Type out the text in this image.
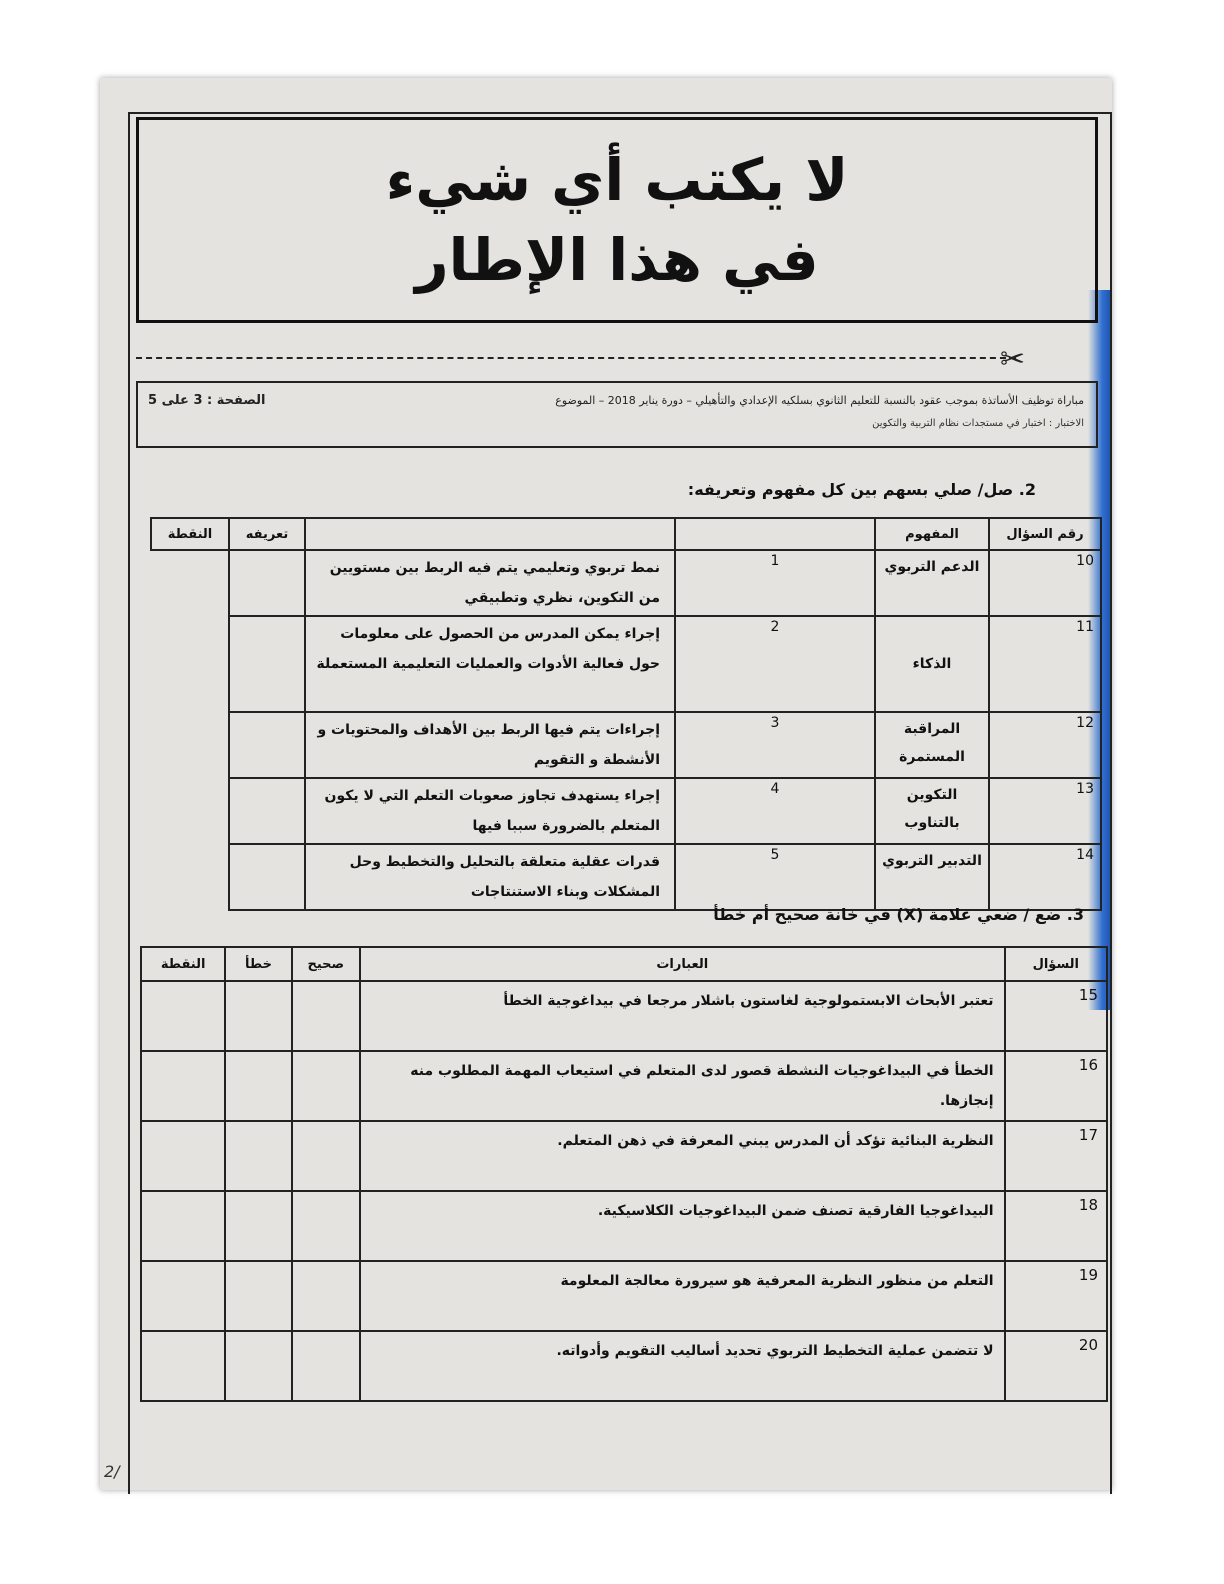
لا يكتب أي شيء
في هذا الإطار
✂
مباراة توظيف الأساتذة بموجب عقود بالنسبة للتعليم الثانوي بسلكيه الإعدادي والتأهيلي – دورة يناير 2018 – الموضوع
الصفحة : 3 على 5
الاختبار : اختبار في مستجدات نظام التربية والتكوين
2. صل/ صلي بسهم بين كل مفهوم وتعريفه:
رقم السؤال	المفهوم			تعريفه	النقطة
10	الدعم التربوي	1	نمط تربوي وتعليمي يتم فيه الربط بين مستويين من التكوين، نظري وتطبيقي		
11	الذكاء	2	إجراء يمكن المدرس من الحصول على معلومات حول فعالية الأدوات والعمليات التعليمية المستعملة		
12	المراقبة المستمرة	3	إجراءات يتم فيها الربط بين الأهداف والمحتويات و الأنشطة و التقويم		
13	التكوين بالتناوب	4	إجراء يستهدف تجاوز صعوبات التعلم التي لا يكون المتعلم بالضرورة سببا فيها		
14	التدبير التربوي	5	قدرات عقلية متعلقة بالتحليل والتخطيط وحل المشكلات وبناء الاستنتاجات		
3. ضع / ضعي علامة (X) في خانة صحيح أم خطأ
السؤال	العبارات	صحيح	خطأ	النقطة
15	تعتبر الأبحاث الابستمولوجية لغاستون باشلار مرجعا في بيداغوجية الخطأ			
16	الخطأ في البيداغوجيات النشطة قصور لدى المتعلم في استيعاب المهمة المطلوب منه إنجازها.			
17	النظرية البنائية تؤكد أن المدرس يبني المعرفة في ذهن المتعلم.			
18	البيداغوجيا الفارقية تصنف ضمن البيداغوجيات الكلاسيكية.			
19	التعلم من منظور النظرية المعرفية هو سيرورة معالجة المعلومة			
20	لا تتضمن عملية التخطيط التربوي تحديد أساليب التقويم وأدواته.			
2/
